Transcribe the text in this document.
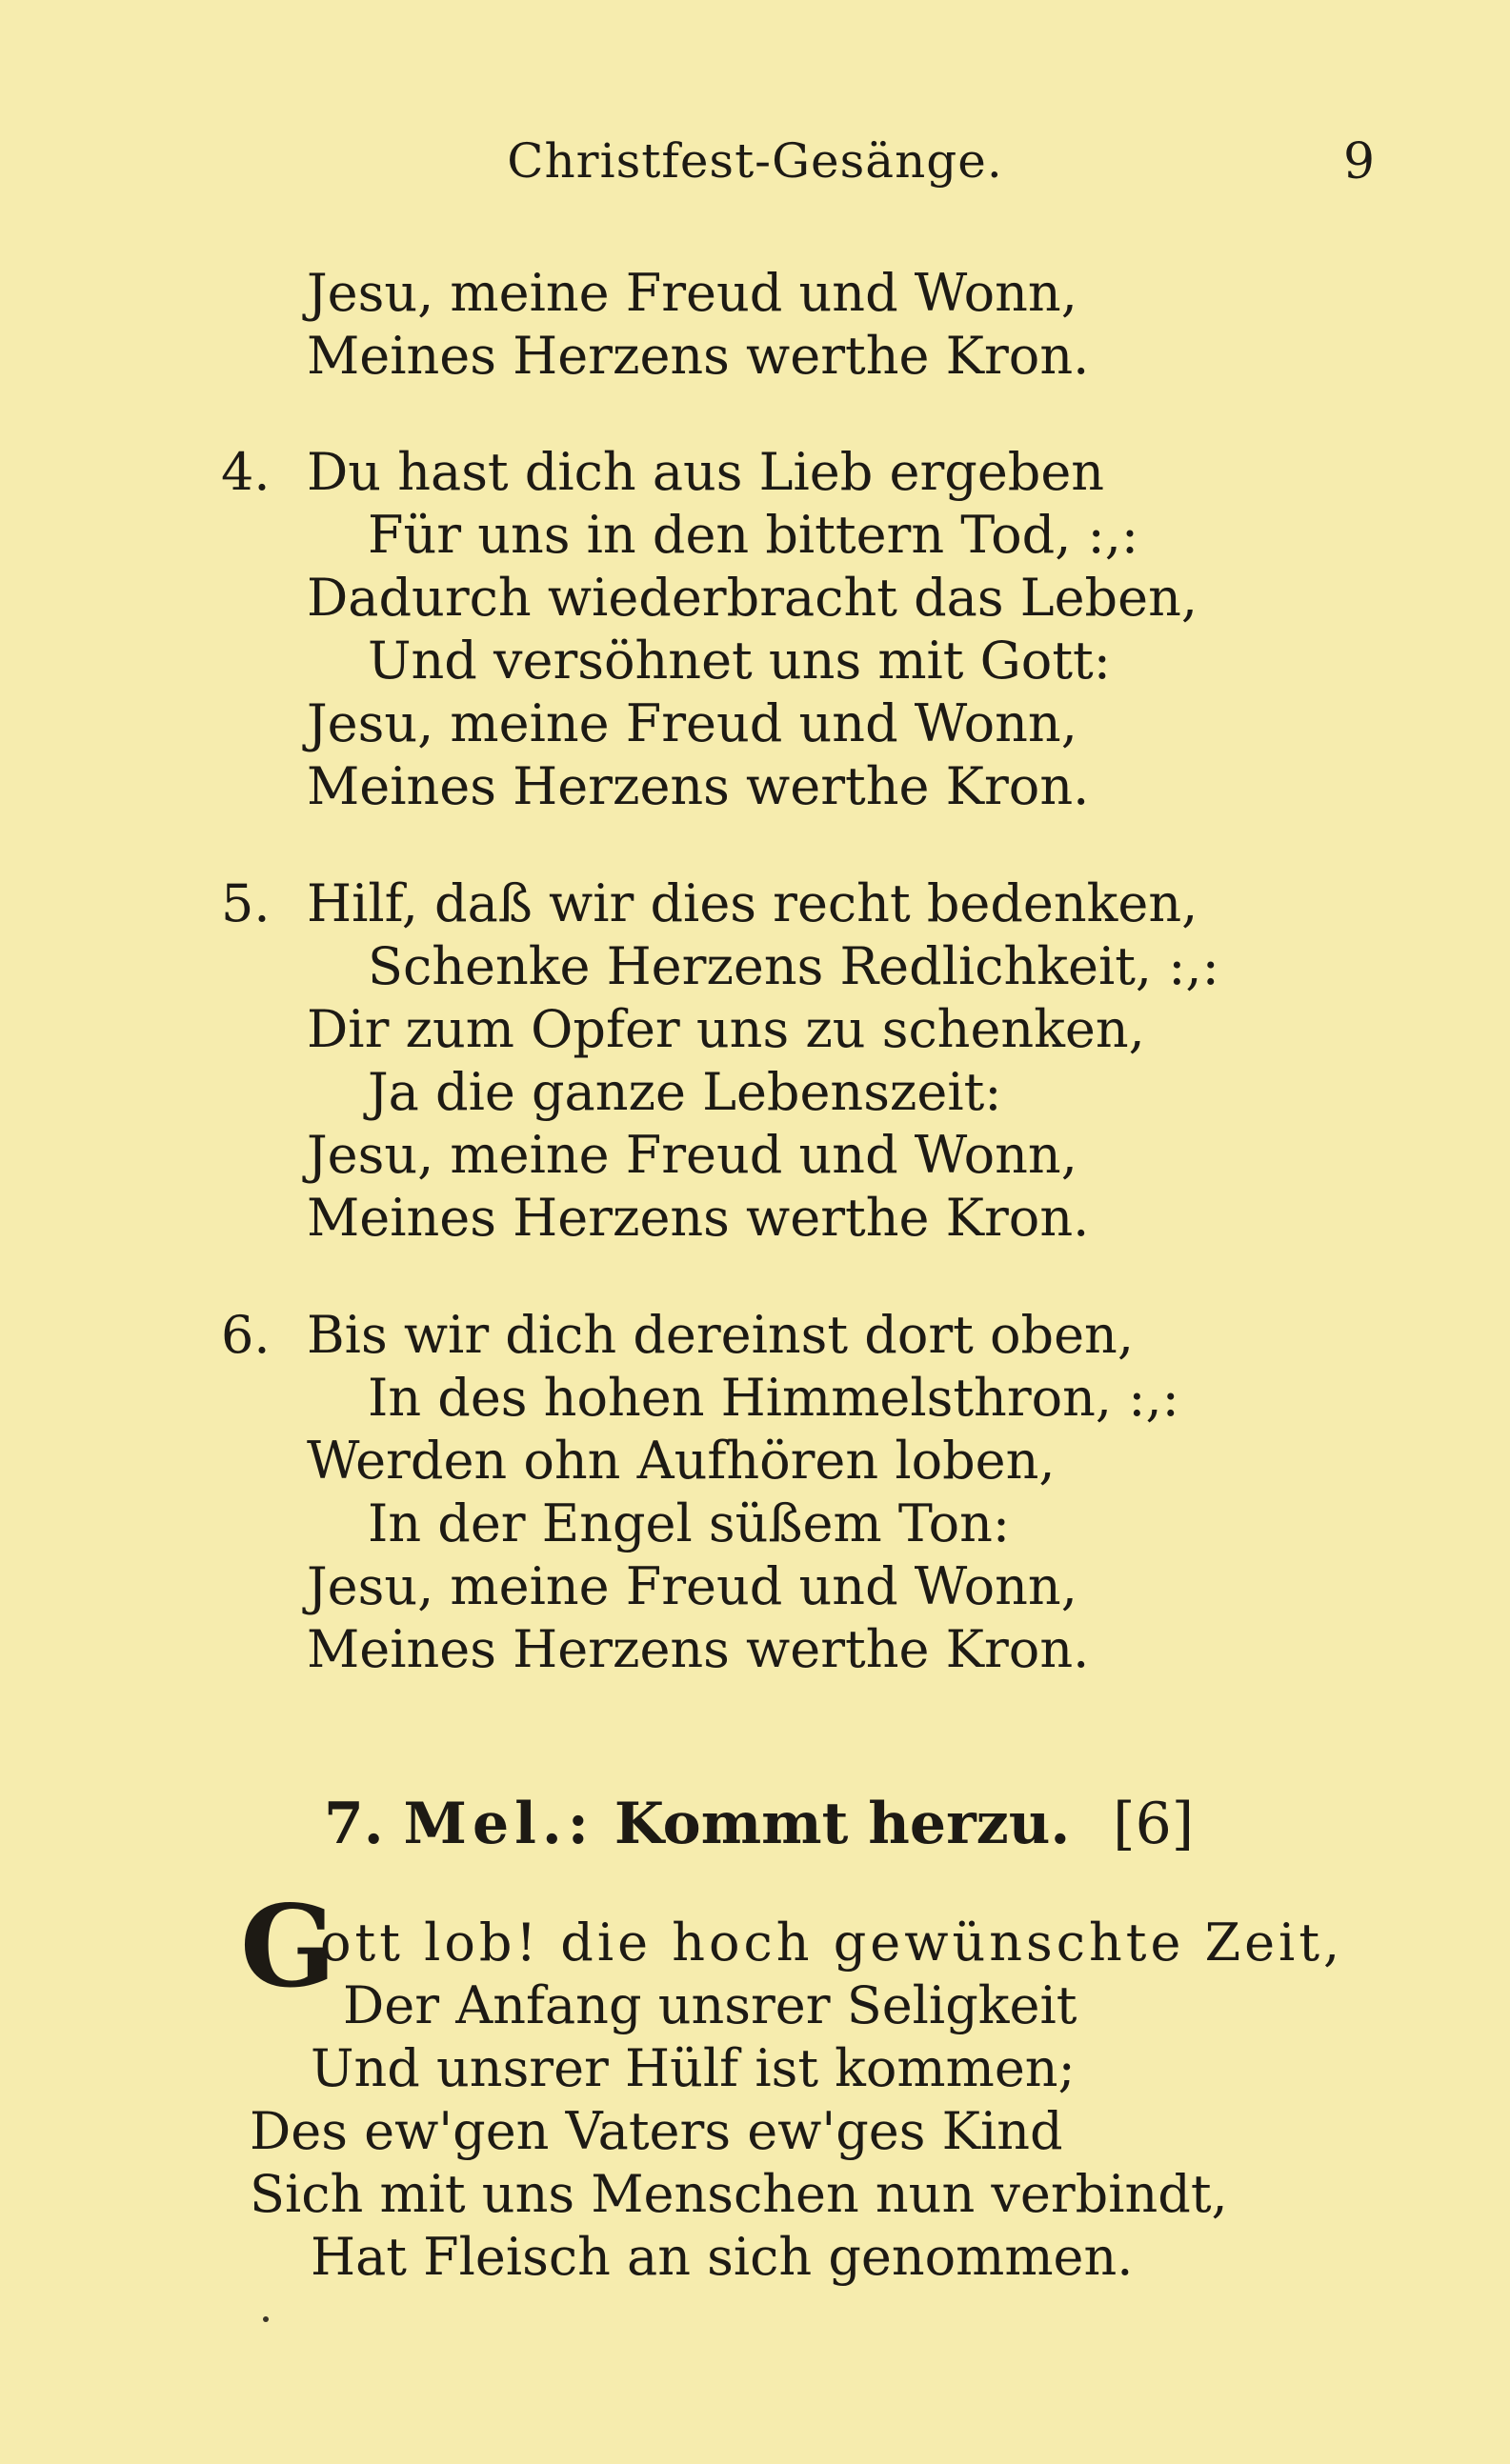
Christfest-Gesänge.	9
Jesu, meine Freud und Wonn,
Meines Herzens werthe Kron.
4. Du hast dich aus Lieb ergeben
Für uns in den bittern Tod, :,:
Dadurch wiederbracht das Leben,
Und versöhnet uns mit Gott:
Jesu, meine Freud und Wonn,
Meines Herzens werthe Kron.
5. Hilf, daß wir dies recht bedenken,
Schenke Herzens Redlichkeit, :,:
Dir zum Opfer uns zu schenken,
Ja die ganze Lebenszeit:
Jesu, meine Freud und Wonn,
Meines Herzens werthe Kron.
6. Bis wir dich dereinst dort oben,
In des hohen Himmelsthron, :,:
Werden ohn Aufhören loben,
In der Engel süßem Ton:
Jesu, meine Freud und Wonn,
Meines Herzens werthe Kron.
7. Mel.: Kommt herzu. [6]
G
ott lob! die hoch gewünschte Zeit,
Der Anfang unsrer Seligkeit
Und unsrer Hülf ist kommen;
Des ew'gen Vaters ew'ges Kind
Sich mit uns Menschen nun verbindt,
Hat Fleisch an sich genommen.
